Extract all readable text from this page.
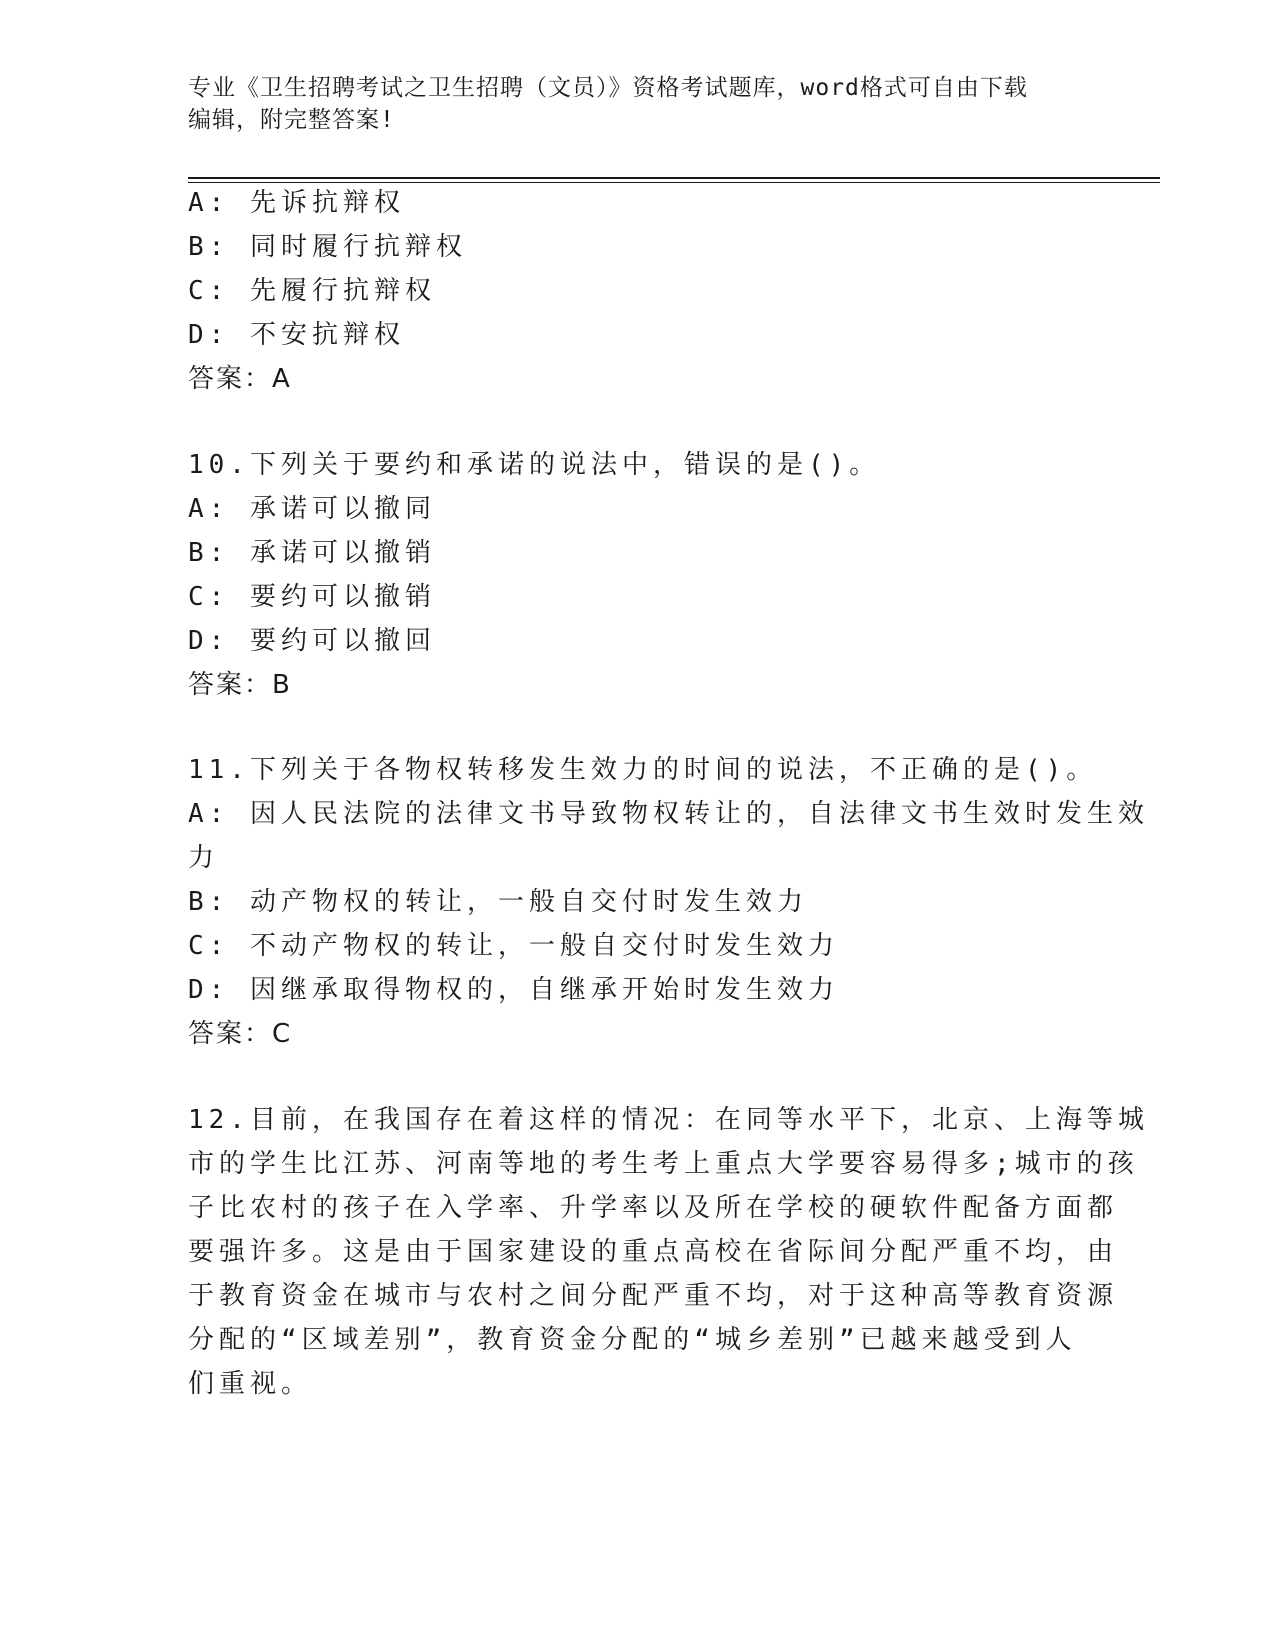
专业《卫生招聘考试之卫生招聘（文员）》资格考试题库，word格式可自由下载
编辑，附完整答案!
A: 先诉抗辩权
B: 同时履行抗辩权
C: 先履行抗辩权
D: 不安抗辩权
答案：A
10.下列关于要约和承诺的说法中，错误的是()。
A: 承诺可以撤同
B: 承诺可以撤销
C: 要约可以撤销
D: 要约可以撤回
答案：B
11.下列关于各物权转移发生效力的时间的说法，不正确的是()。
A: 因人民法院的法律文书导致物权转让的，自法律文书生效时发生效
力
B: 动产物权的转让，一般自交付时发生效力
C: 不动产物权的转让，一般自交付时发生效力
D: 因继承取得物权的，自继承开始时发生效力
答案：C
12.目前，在我国存在着这样的情况：在同等水平下，北京、上海等城
市的学生比江苏、河南等地的考生考上重点大学要容易得多;城市的孩
子比农村的孩子在入学率、升学率以及所在学校的硬软件配备方面都
要强许多。这是由于国家建设的重点高校在省际间分配严重不均，由
于教育资金在城市与农村之间分配严重不均，对于这种高等教育资源
分配的“区域差别”，教育资金分配的“城乡差别”已越来越受到人
们重视。
